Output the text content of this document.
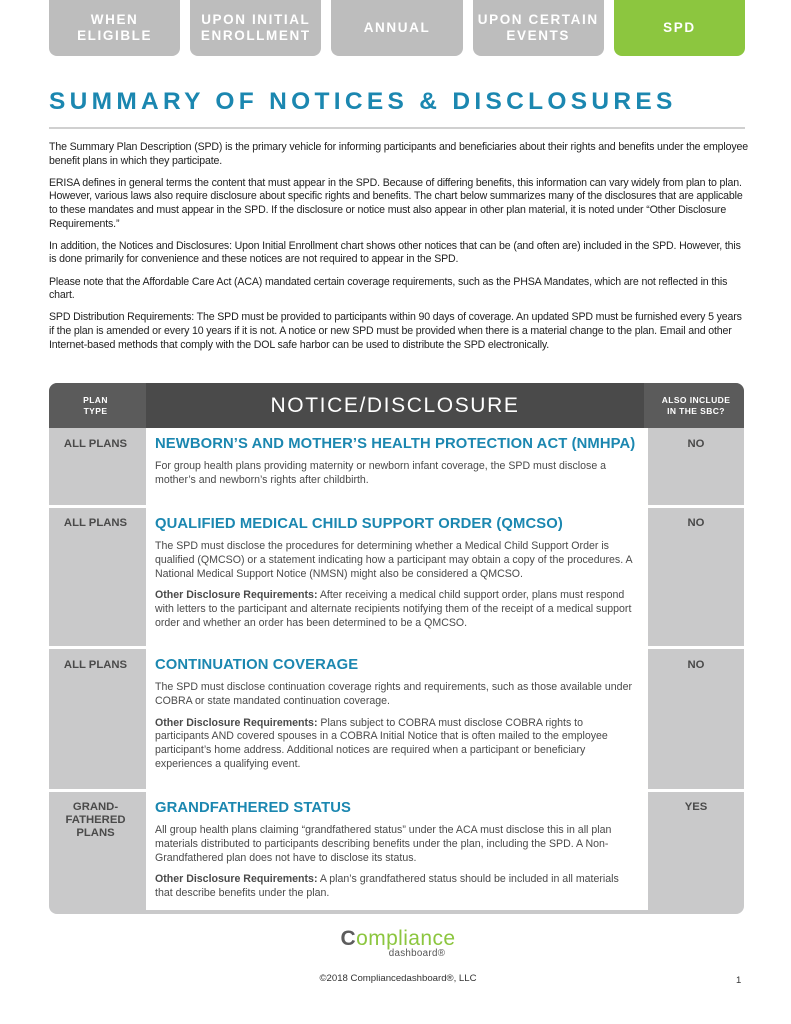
WHEN
ELIGIBLE
UPON INITIAL
ENROLLMENT
ANNUAL
UPON CERTAIN
EVENTS
SPD
SUMMARY OF NOTICES & DISCLOSURES

The Summary Plan Description (SPD) is the primary vehicle for informing participants and beneficiaries about their rights and benefits under the employee benefit plans in which they participate.

ERISA defines in general terms the content that must appear in the SPD. Because of differing benefits, this information can vary widely from plan to plan. However, various laws also require disclosure about specific rights and benefits. The chart below summarizes many of the disclosures that are applicable to these mandates and must appear in the SPD. If the disclosure or notice must also appear in other plan material, it is noted under “Other Disclosure Requirements.”

In addition, the Notices and Disclosures: Upon Initial Enrollment chart shows other notices that can be (and often are) included in the SPD. However, this is done primarily for convenience and these notices are not required to appear in the SPD.

Please note that the Affordable Care Act (ACA) mandated certain coverage requirements, such as the PHSA Mandates, which are not reflected in this chart.

SPD Distribution Requirements: The SPD must be provided to participants within 90 days of coverage. An updated SPD must be furnished every 5 years if the plan is amended or every 10 years if it is not. A notice or new SPD must be provided when there is a material change to the plan. Email and other Internet-based methods that comply with the DOL safe harbor can be used to distribute the SPD electronically.

PLAN
TYPE	NOTICE/DISCLOSURE	ALSO INCLUDE
IN THE SBC?
ALL PLANS	NEWBORN’S AND MOTHER’S HEALTH PROTECTION ACT (NMHPA)

For group health plans providing maternity or newborn infant coverage, the SPD must disclose a mother’s and newborn’s rights after childbirth.

NO
ALL PLANS	QUALIFIED MEDICAL CHILD SUPPORT ORDER (QMCSO)

The SPD must disclose the procedures for determining whether a Medical Child Support Order is qualified (QMCSO) or a statement indicating how a participant may obtain a copy of the procedures. A National Medical Support Notice (NMSN) might also be considered a QMCSO.

Other Disclosure Requirements: After receiving a medical child support order, plans must respond with letters to the participant and alternate recipients notifying them of the receipt of a medical support order and whether an order has been determined to be a QMCSO.

NO
ALL PLANS	CONTINUATION COVERAGE

The SPD must disclose continuation coverage rights and requirements, such as those available under COBRA or state mandated continuation coverage.

Other Disclosure Requirements: Plans subject to COBRA must disclose COBRA rights to participants AND covered spouses in a COBRA Initial Notice that is often mailed to the employee participant’s home address. Additional notices are required when a participant or beneficiary experiences a qualifying event.

NO
GRAND-
FATHERED
PLANS
GRANDFATHERED STATUS

All group health plans claiming “grandfathered status” under the ACA must disclose this in all plan materials distributed to participants describing benefits under the plan, including the SPD. A Non-Grandfathered plan does not have to disclose its status.

Other Disclosure Requirements: A plan’s grandfathered status should be included in all materials that describe benefits under the plan.

YES
Compliance
dashboard®
©2018 Compliancedashboard®, LLC	1
